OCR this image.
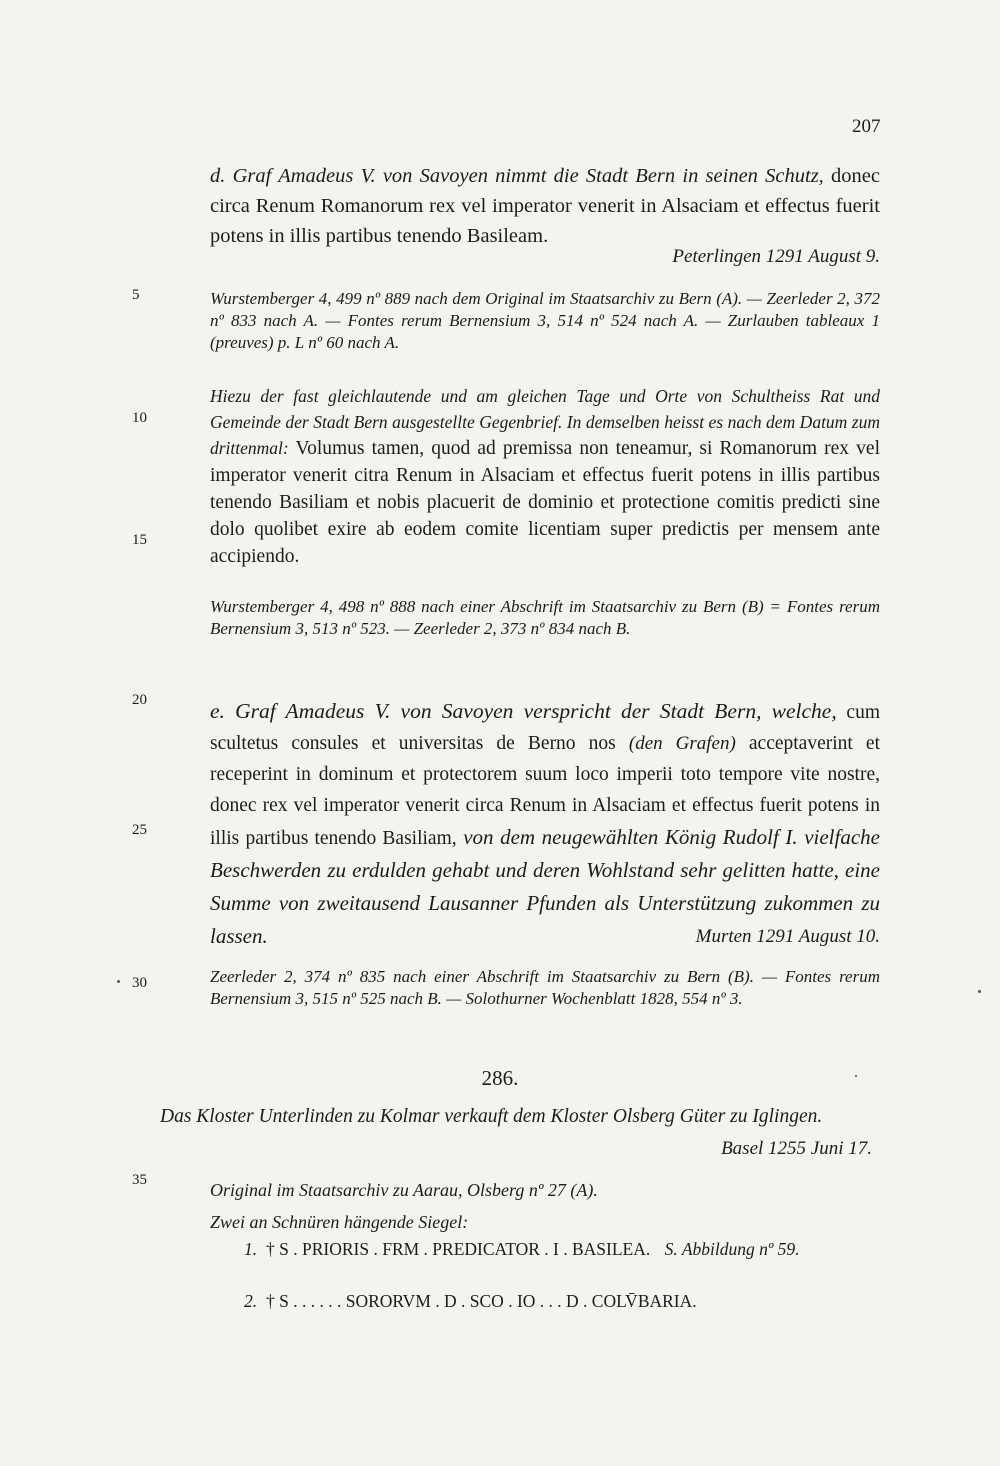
207
5
10
15
20
25
30
35
d. Graf Amadeus V. von Savoyen nimmt die Stadt Bern in seinen Schutz, donec circa Renum Romanorum rex vel imperator venerit in Alsaciam et effectus fuerit potens in illis partibus tenendo Basileam.
Peterlingen 1291 August 9.
Wurstemberger 4, 499 nº 889 nach dem Original im Staatsarchiv zu Bern (A). — Zeerleder 2, 372 nº 833 nach A. — Fontes rerum Bernensium 3, 514 nº 524 nach A. — Zurlauben tableaux 1 (preuves) p. L nº 60 nach A.
Hiezu der fast gleichlautende und am gleichen Tage und Orte von Schultheiss Rat und Gemeinde der Stadt Bern ausgestellte Gegenbrief. In demselben heisst es nach dem Datum zum drittenmal: Volumus tamen, quod ad premissa non teneamur, si Romanorum rex vel imperator venerit citra Renum in Alsaciam et effectus fuerit potens in illis partibus tenendo Basiliam et nobis placuerit de dominio et protectione comitis predicti sine dolo quolibet exire ab eodem comite licentiam super predictis per mensem ante accipiendo.
Wurstemberger 4, 498 nº 888 nach einer Abschrift im Staatsarchiv zu Bern (B) = Fontes rerum Bernensium 3, 513 nº 523. — Zeerleder 2, 373 nº 834 nach B.
e. Graf Amadeus V. von Savoyen verspricht der Stadt Bern, welche, cum scultetus consules et universitas de Berno nos (den Grafen) acceptaverint et receperint in dominum et protectorem suum loco imperii toto tempore vite nostre, donec rex vel imperator venerit circa Renum in Alsaciam et effectus fuerit potens in illis partibus tenendo Basiliam, von dem neugewählten König Rudolf I. vielfache Beschwerden zu erdulden gehabt und deren Wohlstand sehr gelitten hatte, eine Summe von zweitausend Lausanner Pfunden als Unterstützung zukommen zu lassen.	Murten 1291 August 10.
Zeerleder 2, 374 nº 835 nach einer Abschrift im Staatsarchiv zu Bern (B). — Fontes rerum Bernensium 3, 515 nº 525 nach B. — Solothurner Wochenblatt 1828, 554 nº 3.
286.
Das Kloster Unterlinden zu Kolmar verkauft dem Kloster Olsberg Güter zu Iglingen.
Basel 1255 Juni 17.
Original im Staatsarchiv zu Aarau, Olsberg nº 27 (A).
Zwei an Schnüren hängende Siegel:
1. † S . PRIORIS . FRM . PREDICATOR . I . BASILEA. S. Abbildung nº 59.
2. † S . . . . . . SORORVM . D . SCO . IO . . . D . COLV̄BARIA.
